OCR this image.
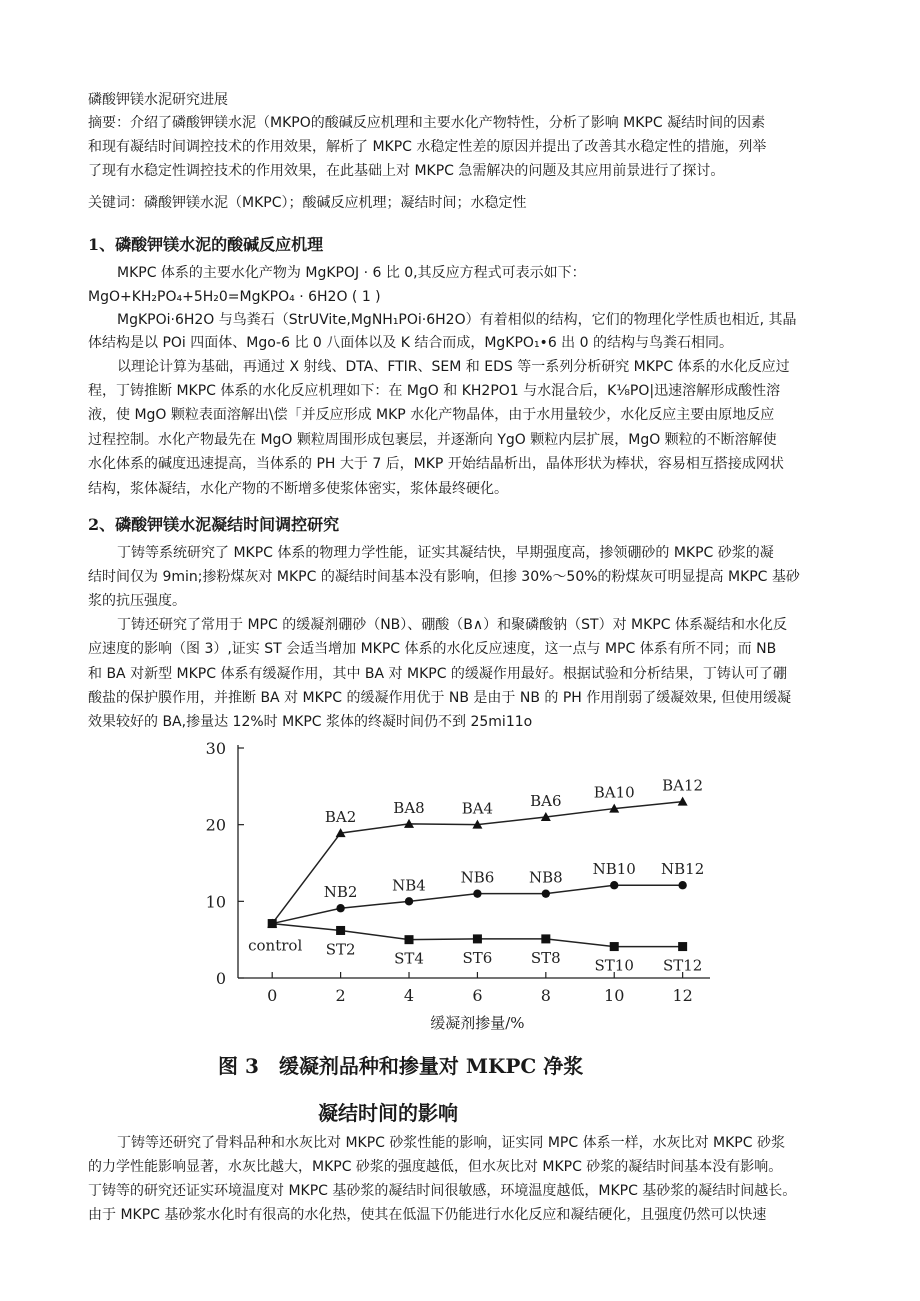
磷酸钾镁水泥研究进展
摘要：介绍了磷酸钾镁水泥（MKPO的酸碱反应机理和主要水化产物特性，分析了影响 MKPC 凝结时间的因素
和现有凝结时间调控技术的作用效果，解析了 MKPC 水稳定性差的原因并提出了改善其水稳定性的措施，列举
了现有水稳定性调控技术的作用效果，在此基础上对 MKPC 急需解决的问题及其应用前景进行了探讨。
关键词：磷酸钾镁水泥（MKPC）；酸碱反应机理；凝结时间；水稳定性
1、磷酸钾镁水泥的酸碱反应机理
MKPC 体系的主要水化产物为 MgKPOJ · 6 比 0,其反应方程式可表示如下：
MgO+KH₂PO₄+5H₂0=MgKPO₄ · 6H2O ( 1 )
MgKPOi·6H2O 与鸟粪石（StrUVite,MgNH₁POi·6H2O）有着相似的结构，它们的物理化学性质也相近, 其晶
体结构是以 POi 四面体、Mgo-6 比 0 八面体以及 K 结合而成，MgKPO₁•6 出 0 的结构与鸟粪石相同。
以理论计算为基础，再通过 X 射线、DTA、FTIR、SEM 和 EDS 等一系列分析研究 MKPC 体系的水化反应过
程，丁铸推断 MKPC 体系的水化反应机理如下：在 MgO 和 KH2PO1 与水混合后，K⅛PO|迅速溶解形成酸性溶
液，使 MgO 颗粒表面溶解出\偿「并反应形成 MKP 水化产物晶体，由于水用量较少，水化反应主要由原地反应
过程控制。水化产物最先在 MgO 颗粒周围形成包裹层，并逐渐向 YgO 颗粒内层扩展，MgO 颗粒的不断溶解使
水化体系的碱度迅速提高，当体系的 PH 大于 7 后，MKP 开始结晶析出，晶体形状为棒状，容易相互搭接成网状
结构，浆体凝结，水化产物的不断增多使浆体密实，浆体最终硬化。
2、磷酸钾镁水泥凝结时间调控研究
丁铸等系统研究了 MKPC 体系的物理力学性能，证实其凝结快，早期强度高，掺领硼砂的 MKPC 砂浆的凝
结时间仅为 9min;掺粉煤灰对 MKPC 的凝结时间基本没有影响，但掺 30%〜50%的粉煤灰可明显提高 MKPC 基砂
浆的抗压强度。
丁铸还研究了常用于 MPC 的缓凝剂硼砂（NB）、硼酸（B∧）和聚磷酸钠（ST）对 MKPC 体系凝结和水化反
应速度的影响（图 3）,证实 ST 会适当增加 MKPC 体系的水化反应速度，这一点与 MPC 体系有所不同；而 NB
和 BA 对新型 MKPC 体系有缓凝作用，其中 BA 对 MKPC 的缓凝作用最好。根据试验和分析结果，丁铸认可了硼
酸盐的保护膜作用，并推断 BA 对 MKPC 的缓凝作用优于 NB 是由于 NB 的 PH 作用削弱了缓凝效果, 但使用缓凝
效果较好的 BA,掺量达 12%时 MKPC 浆体的终凝时间仍不到 25mi11o
0
10
20
30
0	2	4	6	8	10	12
缓凝剂掺量/%
BA2
BA8 BA4 BA6 BA10 BA12
NB2 NB4 NB6 NB8 NB10 NB12
control ST2
ST4	ST6	ST8 ST10 ST12
图 3　缓凝剂品种和掺量对 MKPC 净浆
凝结时间的影响
丁铸等还研究了骨料品种和水灰比对 MKPC 砂浆性能的影响，证实同 MPC 体系一样，水灰比对 MKPC 砂浆
的力学性能影响显著，水灰比越大，MKPC 砂浆的强度越低，但水灰比对 MKPC 砂浆的凝结时间基本没有影响。
丁铸等的研究还证实环境温度对 MKPC 基砂浆的凝结时间很敏感，环境温度越低，MKPC 基砂浆的凝结时间越长。
由于 MKPC 基砂浆水化时有很高的水化热，使其在低温下仍能进行水化反应和凝结硬化，且强度仍然可以快速
